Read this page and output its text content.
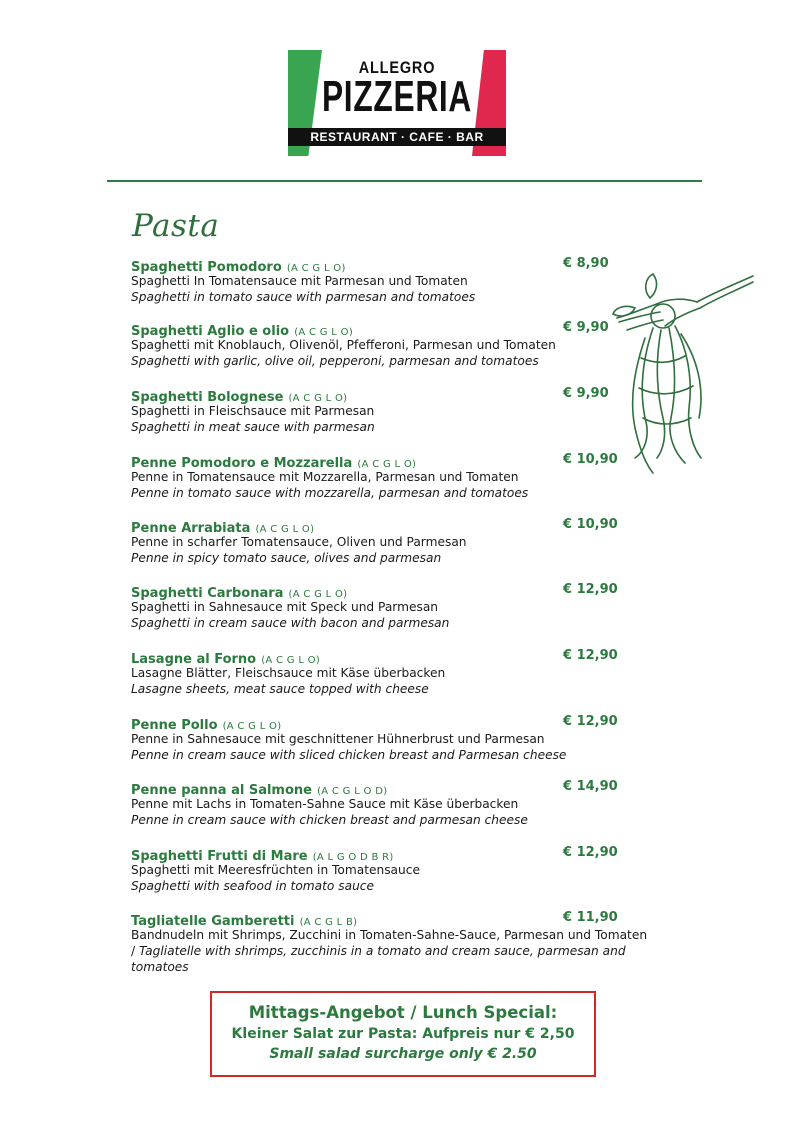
ALLEGRO
PIZZERIA
RESTAURANT · CAFE · BAR
Pasta
Spaghetti Pomodoro (A C G L O)	€ 8,90
Spaghetti In Tomatensauce mit Parmesan und Tomaten
Spaghetti in tomato sauce with parmesan and tomatoes
Spaghetti Aglio e olio (A C G L O)	€ 9,90
Spaghetti mit Knoblauch, Olivenöl, Pfefferoni, Parmesan und Tomaten
Spaghetti with garlic, olive oil, pepperoni, parmesan and tomatoes
Spaghetti Bolognese (A C G L O)	€ 9,90
Spaghetti in Fleischsauce mit Parmesan
Spaghetti in meat sauce with parmesan
Penne Pomodoro e Mozzarella (A C G L O)	€ 10,90
Penne in Tomatensauce mit Mozzarella, Parmesan und Tomaten
Penne in tomato sauce with mozzarella, parmesan and tomatoes
Penne Arrabiata (A C G L O)	€ 10,90
Penne in scharfer Tomatensauce, Oliven und Parmesan
Penne in spicy tomato sauce, olives and parmesan
Spaghetti Carbonara (A C G L O)	€ 12,90
Spaghetti in Sahnesauce mit Speck und Parmesan
Spaghetti in cream sauce with bacon and parmesan
Lasagne al Forno (A C G L O)	€ 12,90
Lasagne Blätter, Fleischsauce mit Käse überbacken
Lasagne sheets, meat sauce topped with cheese
Penne Pollo (A C G L O)	€ 12,90
Penne in Sahnesauce mit geschnittener Hühnerbrust und Parmesan
Penne in cream sauce with sliced chicken breast and Parmesan cheese
Penne panna al Salmone (A C G L O D)	€ 14,90
Penne mit Lachs in Tomaten-Sahne Sauce mit Käse überbacken
Penne in cream sauce with chicken breast and parmesan cheese
Spaghetti Frutti di Mare (A L G O D B R)	€ 12,90
Spaghetti mit Meeresfrüchten in Tomatensauce
Spaghetti with seafood in tomato sauce
Tagliatelle Gamberetti (A C G L B)	€ 11,90
Bandnudeln mit Shrimps, Zucchini in Tomaten-Sahne-Sauce, Parmesan und Tomaten / Tagliatelle with shrimps, zucchinis in a tomato and cream sauce, parmesan and tomatoes
Mittags-Angebot / Lunch Special:
Kleiner Salat zur Pasta: Aufpreis nur € 2,50
Small salad surcharge only € 2.50
